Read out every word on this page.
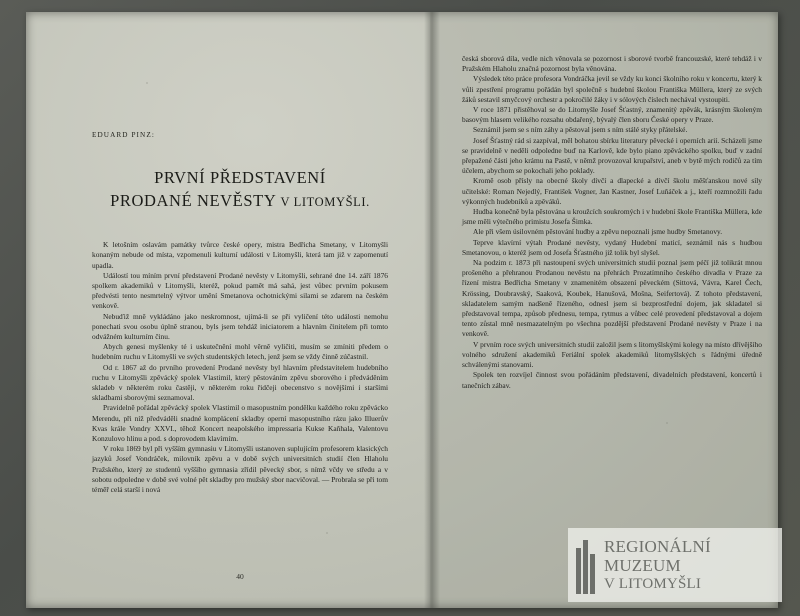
EDUARD PINZ:
PRVNÍ PŘEDSTAVENÍ
PRODANÉ NEVĚSTY V LITOMYŠLI.

K letošním oslavám památky tvůrce české opery, mistra Bedřicha Smetany, v Litomyšli konaným nebude od místa, vzpomenuli kulturní události v Litomyšli, která tam již v zapomenutí upadla.

Událostí tou míním první představení Prodané nevěsty v Litomyšli, sehrané dne 14. září 1876 spolkem akademiků v Litomyšli, kteréž, pokud pamět má sahá, jest vůbec prvním pokusem předvésti tento nesmrtelný výtvor umění Smetanova ochotnickými silami se zdarem na českém venkově.

Nebuďiž mně vykládáno jako neskromnost, ujímá-li se při vyličení této události nemohu ponechati svou osobu úplně stranou, byls jsem tehdáž iniciatorem a hlavním činitelem při tomto odvážném kulturním činu.

Abych genesi myšlenky té i uskutečnění mohl věrně vyličiti, musím se zmíniti předem o hudebním ruchu v Litomyšli ve svých studentských letech, jenž jsem se vždy činně zúčastnil.

Od r. 1867 až do prvního provedení Prodané nevěsty byl hlavním představitelem hudebního ruchu v Litomyšli zpěvácký spolek Vlastimil, který pěstováním zpěvu sborového i předváděním skladeb v některém roku častěji, v některém roku řidčeji obecenstvo s novějšími i staršími skladbami sborovými seznamoval.

Pravidelně pořádal zpěvácký spolek Vlastimil o masopustním pondělku každého roku zpěvácko Merendu, při níž předváděli snadné komplácení skladby operní masopustního rázu jako Illuerův Kvas krále Vondry XXVI., těhož Koncert neapolského impressaria Kukse Kaňhala, Valentovu Konzulovo hlinu a pod. s doprovodem klavírním.

V roku 1869 byl při vyšším gymnasiu v Litomyšli ustanoven suplujícím profesorem klasických jazyků Josef Vondráček, milovník zpěvu a v době svých universitních studií člen Hlaholu Pražského, který ze studentů vyššího gymnasia zřídil pěvecký sbor, s nímž včdy ve středu a v sobotu odpoledne v době své volné pět skladby pro mužský sbor nacvičoval. — Probrala se při tom téměř celá starší i nová

40

česká sborová díla, vedle nich věnovala se pozornost i sborové tvorbě francouzské, které tehdáž i v Pražském Hlaholu značná pozornost byla věnována.

Výsledek této práce profesora Vondráčka jevil se vždy ku konci školního roku v koncertu, který k vůli zpestření programu pořádán byl společně s hudební školou Františka Müllera, který ze svých žáků sestavil smyčcový orchestr a pokročilé žáky i v sólových číslech nechával vystoupiti.

V roce 1871 přistěhoval se do Litomyšle Josef Šťastný, znamenitý zpěvák, krásným školeným basovým hlasem velikého rozsahu obdařený, bývalý člen sboru České opery v Praze.

Seznámil jsem se s ním záhy a pěstoval jsem s ním stálé styky přátelské.

Josef Šťastný rád si zazpíval, měl bohatou sbírku literatury pěvecké i operních arií. Scházeli jsme se pravidelně v neděli odpoledne buď na Karlově, kde bylo piano zpěváckého spolku, buď v zadní přepažené části jeho krámu na Pastě, v němž provozoval krupařství, aneb v bytě mých rodičů za tím účelem, abychom se pokochali jeho poklady.

Kromě osob přísly na obecné školy dívčí a dlapecké a dívčí školu měšťanskou nové síly učitelské: Roman Nejedlý, František Vogner, Jan Kastner, Josef Luňáček a j., kteří rozmnožili řadu výkonných hudebníků a zpěváků.

Hudba konečně byla pěstována u kroužcích soukromých i v hudební škole Františka Müllera, kde jsme měli výtečného primistu Josefa Šimka.

Ale při všem úsilovném pěstování hudby a zpěvu nepoznali jsme hudby Smetanovy.

Teprve klavírní výtah Prodané nevěsty, vydaný Hudební maticí, seznámil nás s hudbou Smetanovou, o kteréž jsem od Josefa Šťastného již tolik byl slyšel.

Na podzim r. 1873 při nastoupení svých universitních studií poznal jsem péčí již tolikrát mnou prošeného a přehranou Prodanou nevěstu na přehrách Prozatímního českého divadla v Praze za řízení mistra Bedřicha Smetany v znamenitém obsazení pěveckém (Sittová, Vávra, Karel Čech, Krössing, Doubravský, Saaková, Koubek, Hanušová, Mošna, Seifertová). Z tohoto představení, skladatelem samým nadšeně řízeného, odnesl jsem si bezprostřední dojem, jak skladatel si představoval tempa, způsob přednesu, tempa, rytmus a vůbec celé provedení představoval a dojem tento zůstal mně nesmazatelným po všechna pozdější představení Prodané nevěsty v Praze i na venkově.

V prvním roce svých universitních studií založil jsem s litomyšlskými kolegy na místo dřívějšího volného sdružení akademiků Feriální spolek akademiků litomyšlských s řádnými úředně schválenými stanovami.

Spolek ten rozvíjel činnost svou pořádáním představení, divadelních představení, koncertů i tanečních zábav.

REGIONÁLNÍ
MUZEUM
V LITOMYŠLI
